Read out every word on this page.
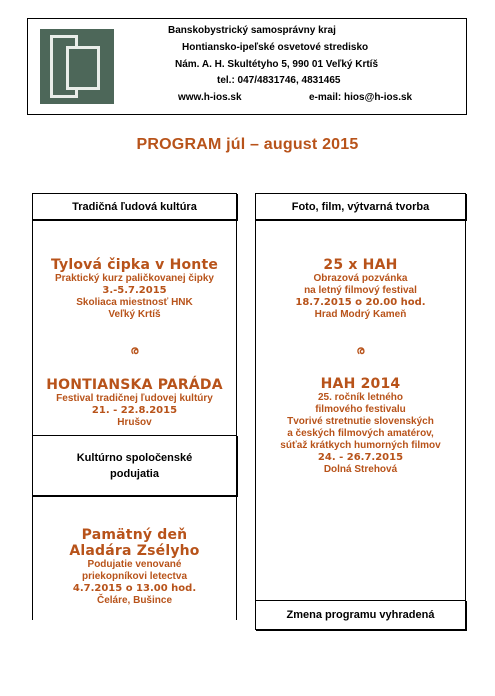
Banskobystrický samosprávny kraj
Hontiansko-ipeľské osvetové stredisko
Nám. A. H. Skultétyho 5, 990 01 Veľký Krtíš
tel.: 047/4831746, 4831465
www.h-ios.sk	e-mail: hios@h-ios.sk
PROGRAM júl – august 2015
Tradičná ľudová kultúra	Foto, film, výtvarná tvorba
Tylová čipka v Honte
Praktický kurz paličkovanej čipky
3.-5.7.2015
Skoliaca miestnosť HNK
Veľký Krtíš
ര
HONTIANSKA PARÁDA
Festival tradičnej ľudovej kultúry
21. - 22.8.2015
Hrušov
Kultúrno spoločenské
podujatia
Pamätný deň
Aladára Zsélyho
Podujatie venované
priekopníkovi letectva
4.7.2015 o 13.00 hod.
Čeláre, Bušince
25 x HAH
Obrazová pozvánka
na letný filmový festival
18.7.2015 o 20.00 hod.
Hrad Modrý Kameň
ര
HAH 2014
25. ročník letného
filmového festivalu
Tvorivé stretnutie slovenských
a českých filmových amatérov,
súťaž krátkych humorných filmov
24. - 26.7.2015
Dolná Strehová
Zmena programu vyhradená
